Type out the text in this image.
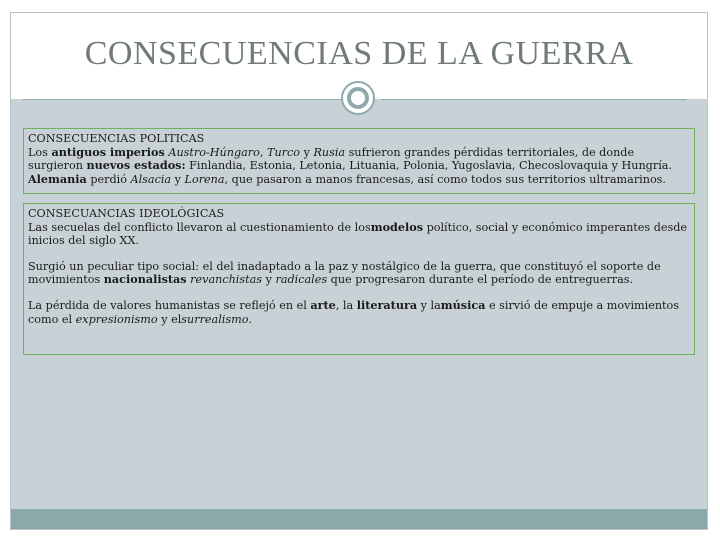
CONSECUENCIAS DE LA GUERRA
CONSECUENCIAS POLITICAS

Los antiguos imperios Austro-Húngaro, Turco y Rusia sufrieron grandes pérdidas territoriales, de donde surgieron nuevos estados: Finlandia, Estonia, Letonia, Lituania, Polonia, Yugoslavia, Checoslovaquia y Hungría.
Alemania perdió Alsacia y Lorena, que pasaron a manos francesas, así como todos sus territorios ultramarinos.

CONSECUANCIAS IDEOLÓGICAS

Las secuelas del conflicto llevaron al cuestionamiento de losmodelos político, social y económico imperantes desde inicios del siglo XX.

Surgió un peculiar tipo social: el del inadaptado a la paz y nostálgico de la guerra, que constituyó el soporte de movimientos nacionalistas revanchistas y radicales que progresaron durante el período de entreguerras.

La pérdida de valores humanistas se reflejó en el arte, la literatura y lamúsica e sirvió de empuje a movimientos como el expresionismo y elsurrealismo.
